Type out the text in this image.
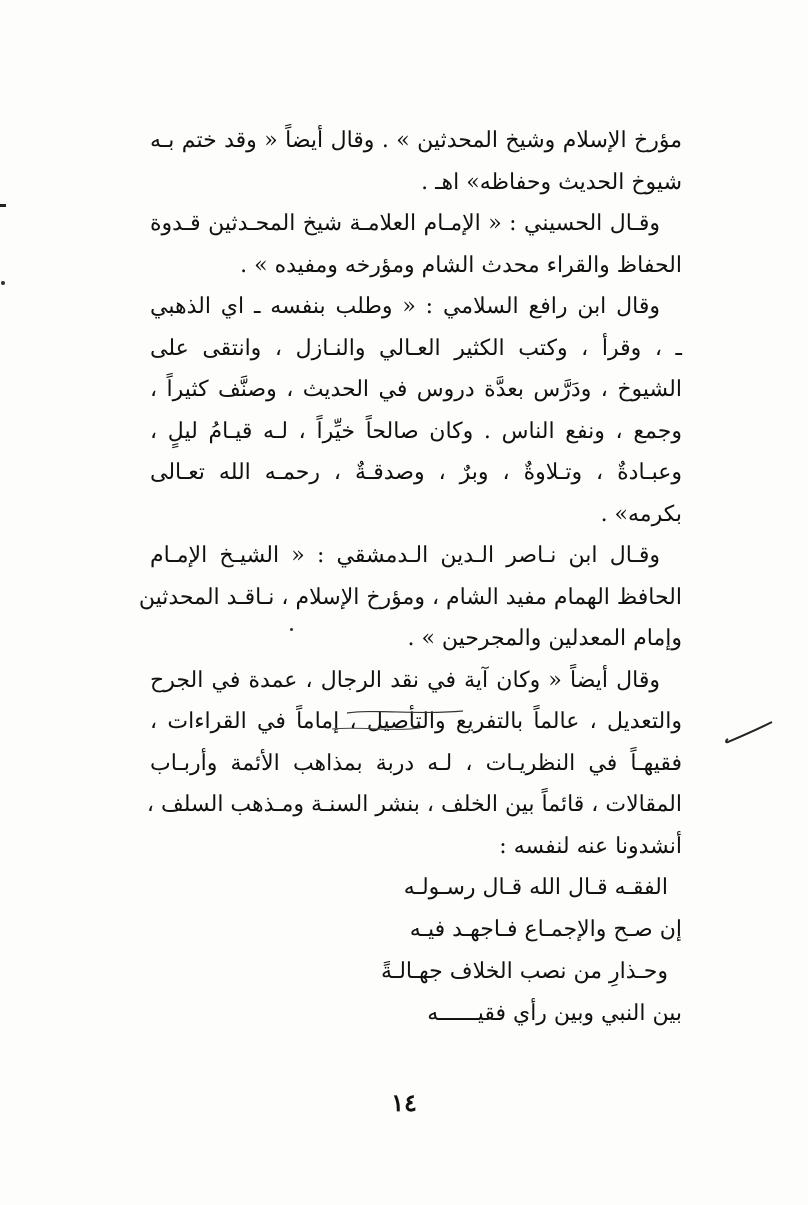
مؤرخ الإسلام وشيخ المحدثين » . وقال أيضاً « وقد ختم بـه
شيوخ الحديث وحفاظه» اهـ .
وقـال الحسيني : « الإمـام العلامـة شيخ المحـدثين قـدوة
الحفاظ والقراء محدث الشام ومؤرخه ومفيده » .
وقال ابن رافع السلامي : « وطلب بنفسه ـ اي الذهبي
ـ ، وقرأ ، وكتب الكثير العـالي والنـازل ، وانتقى على
الشيوخ ، ودَرَّس بعدَّة دروس في الحديث ، وصنَّف كثيراً ،
وجمع ، ونفع الناس . وكان صالحاً خيِّراً ، لـه قيـامُ ليلٍ ،
وعبـادةٌ ، وتـلاوةٌ ، وبرٌ ، وصدقـةٌ ، رحمـه الله تعـالى
بكرمه» .
وقـال ابن نـاصر الـدين الـدمشقي : « الشيـخ الإمـام
الحافظ الهمام مفيد الشام ، ومؤرخ الإسلام ، نـاقـد المحدثين
وإمام المعدلين والمجرحين » .
وقال أيضاً « وكان آية في نقد الرجال ، عمدة في الجرح
والتعديل ، عالماً بالتفريع والتأصيل ، إماماً في القراءات ،
فقيهـاً في النظريـات ، لـه دربة بمذاهب الأئمة وأربـاب
المقالات ، قائماً بين الخلف ، بنشر السنـة ومـذهب السلف ،
أنشدونا عنه لنفسه :
الفقـه قـال الله قـال رسـولـه
إن صـح والإجمـاع فـاجهـد فيـه
وحـذارِ من نصب الخلاف جهـالـةً
بين النبي وبين رأي فقيــــــه
١٤
